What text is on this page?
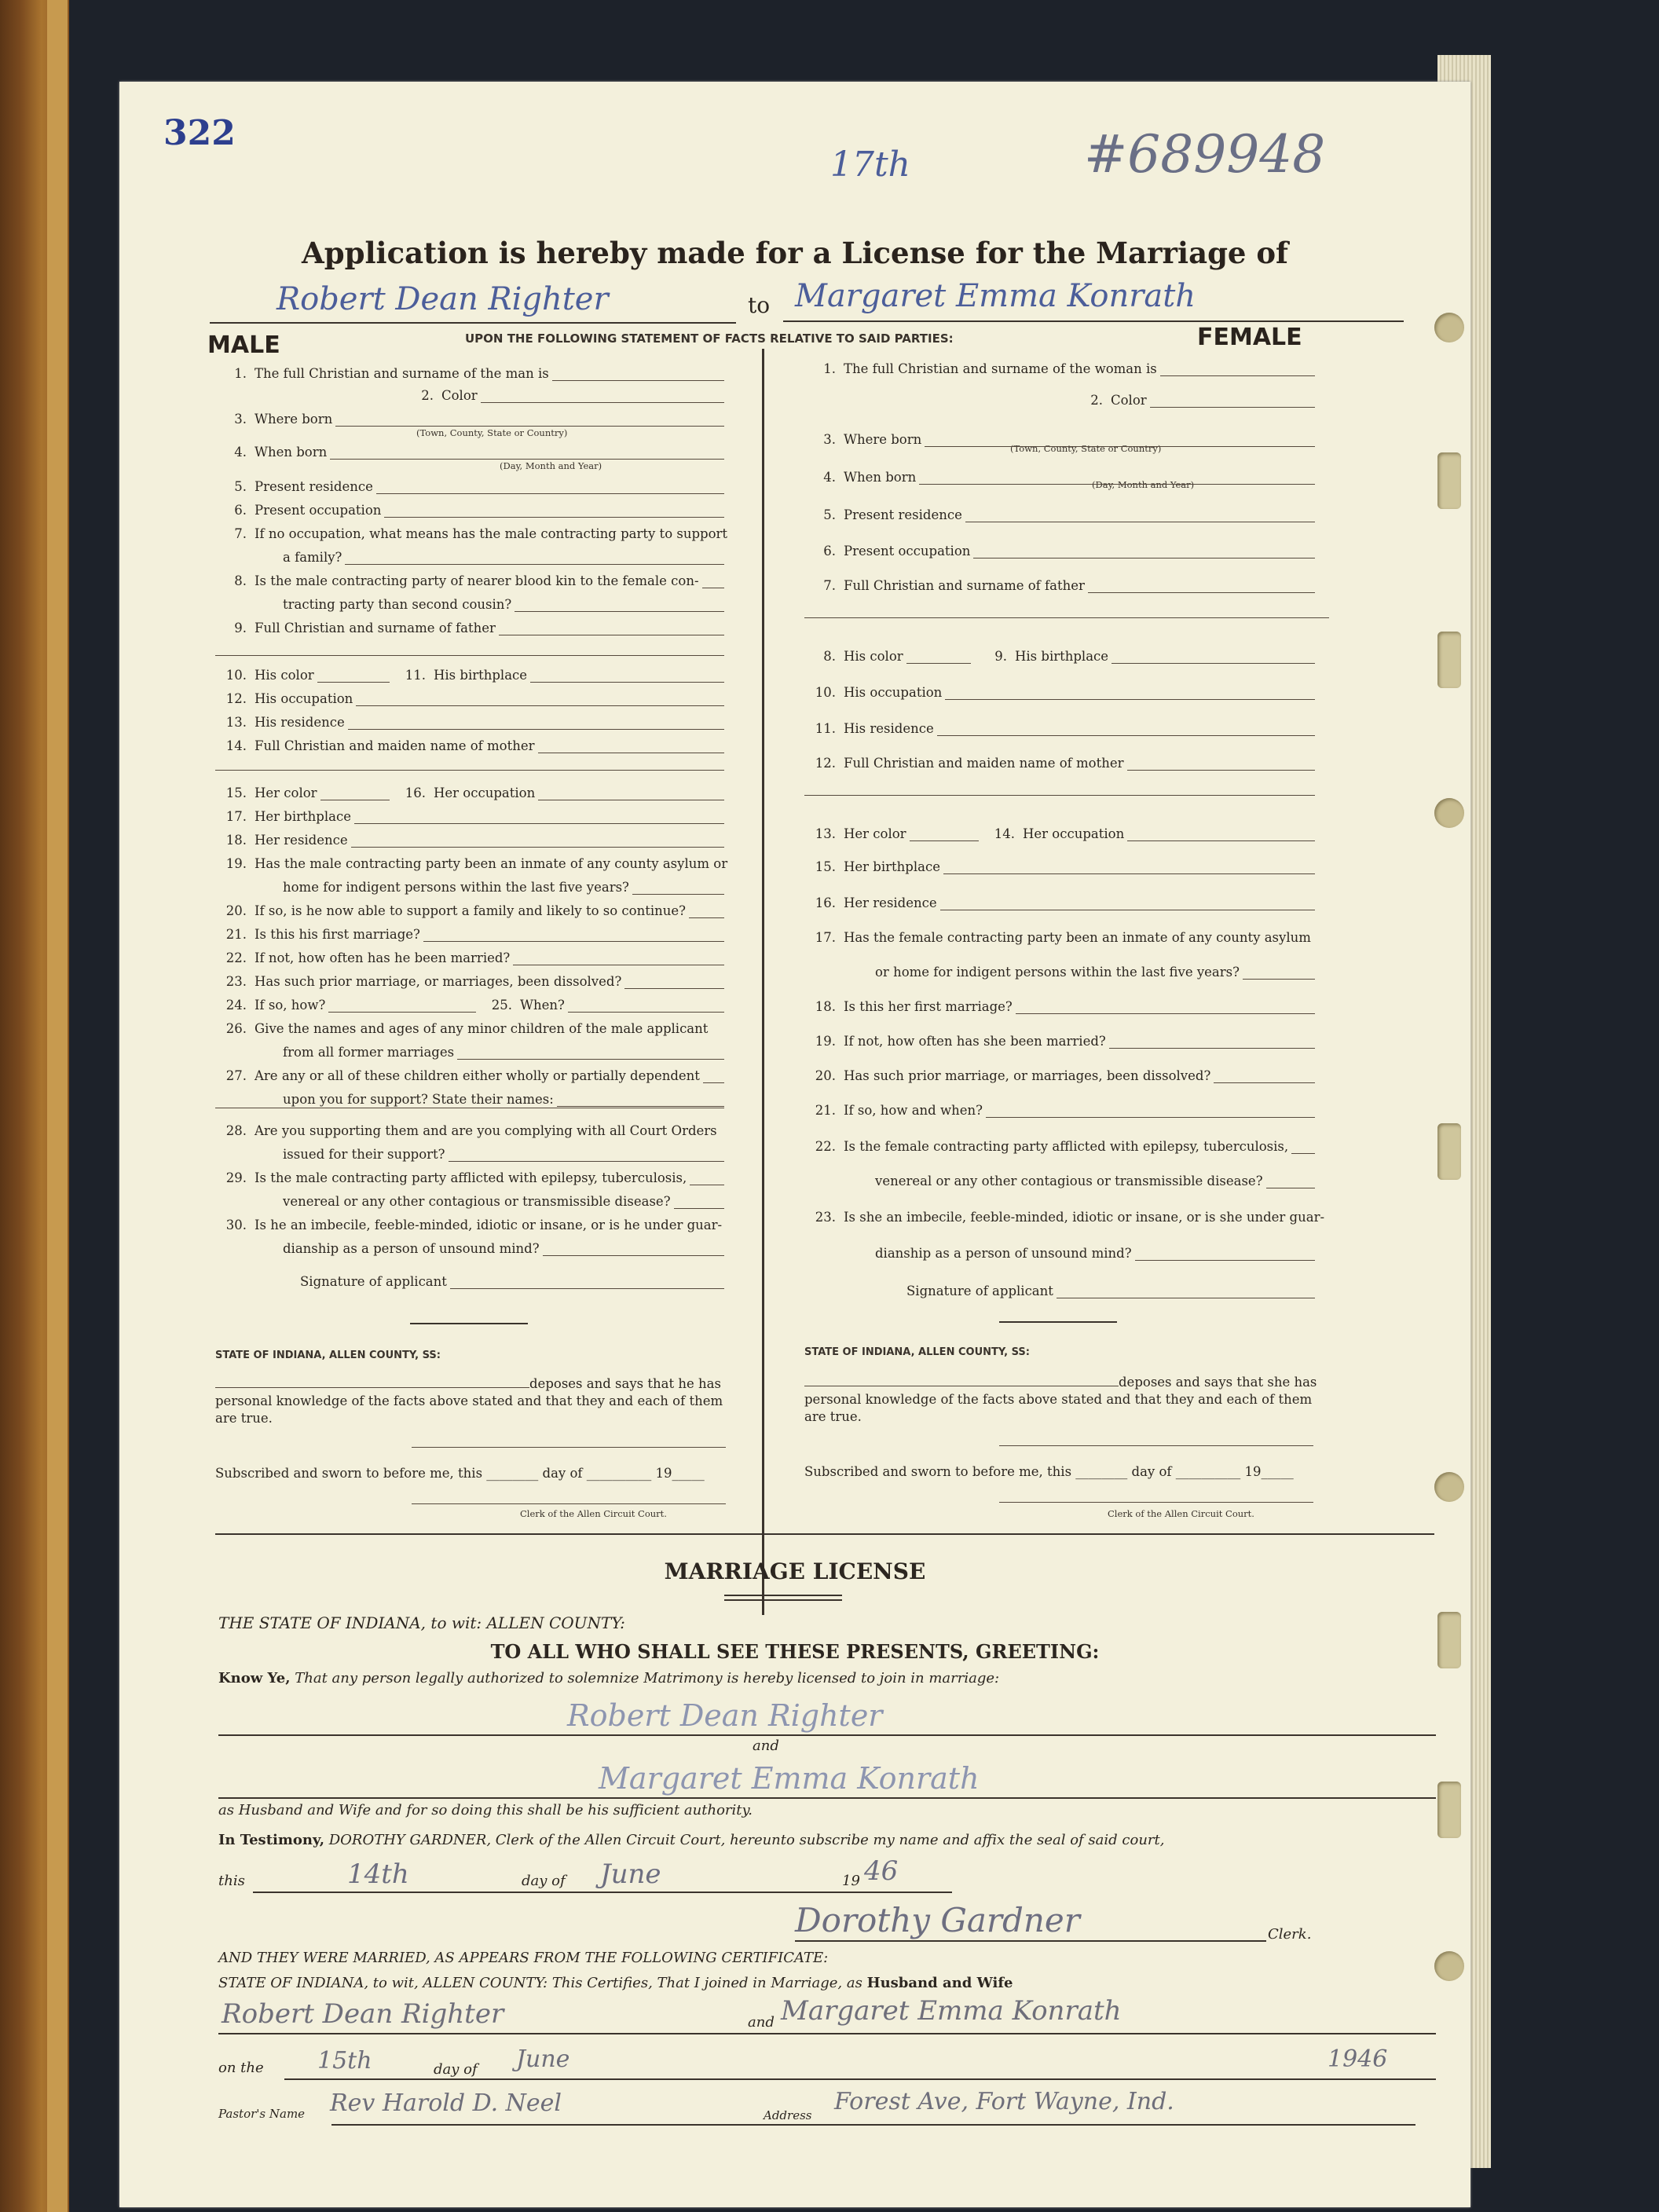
322
17th	#689948
Application is hereby made for a License for the Marriage of
Robert Dean Righter	to Margaret Emma Konrath
MALE	FEMALE
UPON THE FOLLOWING STATEMENT OF FACTS RELATIVE TO SAID PARTIES:
(Town, County, State or Country)
(Day, Month and Year)
(Town, County, State or Country)
(Day, Month and Year)
STATE OF INDIANA, ALLEN COUNTY, SS:
deposes and says that he has
personal knowledge of the facts above stated and that they and each of them
are true.
Subscribed and sworn to before me, this ________ day of __________ 19_____
Clerk of the Allen Circuit Court.
STATE OF INDIANA, ALLEN COUNTY, SS:
deposes and says that she has
personal knowledge of the facts above stated and that they and each of them
are true.
Subscribed and sworn to before me, this ________ day of __________ 19_____
Clerk of the Allen Circuit Court.
MARRIAGE LICENSE
THE STATE OF INDIANA, to wit: ALLEN COUNTY:
TO ALL WHO SHALL SEE THESE PRESENTS, GREETING:
Know Ye, That any person legally authorized to solemnize Matrimony is hereby licensed to join in marriage:
Robert Dean Righter
and
Margaret Emma Konrath
as Husband and Wife and for so doing this shall be his sufficient authority.
In Testimony, DOROTHY GARDNER, Clerk of the Allen Circuit Court, hereunto subscribe my name and affix the seal of said court,
this	14th	day of June	19 46
Dorothy Gardner	Clerk.
AND THEY WERE MARRIED, AS APPEARS FROM THE FOLLOWING CERTIFICATE:
STATE OF INDIANA, to wit, ALLEN COUNTY: This Certifies, That I joined in Marriage, as Husband and Wife
Robert Dean Righter	and Margaret Emma Konrath
on the 15th	day of June	1946
Pastor's Name Rev Harold D. Neel	Address Forest Ave, Fort Wayne, Ind.
1. The full Christian and surname of the man is
2. Color
3. Where born
4. When born
5. Present residence
6. Present occupation
7. If no occupation, what means has the male contracting party to support
a family?
8. Is the male contracting party of nearer blood kin to the female con-
tracting party than second cousin?
9. Full Christian and surname of father
10. His color	11. His birthplace
12. His occupation
13. His residence
14. Full Christian and maiden name of mother
15. Her color	16. Her occupation
17. Her birthplace
18. Her residence
19. Has the male contracting party been an inmate of any county asylum or
home for indigent persons within the last five years?
20. If so, is he now able to support a family and likely to so continue?
21. Is this his first marriage?
22. If not, how often has he been married?
23. Has such prior marriage, or marriages, been dissolved?
24. If so, how?	25. When?
26. Give the names and ages of any minor children of the male applicant
from all former marriages
27. Are any or all of these children either wholly or partially dependent
upon you for support? State their names:
28. Are you supporting them and are you complying with all Court Orders
issued for their support?
29. Is the male contracting party afflicted with epilepsy, tuberculosis,
venereal or any other contagious or transmissible disease?
30. Is he an imbecile, feeble-minded, idiotic or insane, or is he under guar-
dianship as a person of unsound mind?
Signature of applicant
1. The full Christian and surname of the woman is
2. Color
3. Where born
4. When born
5. Present residence
6. Present occupation
7. Full Christian and surname of father
8. His color	9. His birthplace
10. His occupation
11. His residence
12. Full Christian and maiden name of mother
13. Her color	14. Her occupation
15. Her birthplace
16. Her residence
17. Has the female contracting party been an inmate of any county asylum
or home for indigent persons within the last five years?
18. Is this her first marriage?
19. If not, how often has she been married?
20. Has such prior marriage, or marriages, been dissolved?
21. If so, how and when?
22. Is the female contracting party afflicted with epilepsy, tuberculosis,
venereal or any other contagious or transmissible disease?
23. Is she an imbecile, feeble-minded, idiotic or insane, or is she under guar-
dianship as a person of unsound mind?
Signature of applicant
